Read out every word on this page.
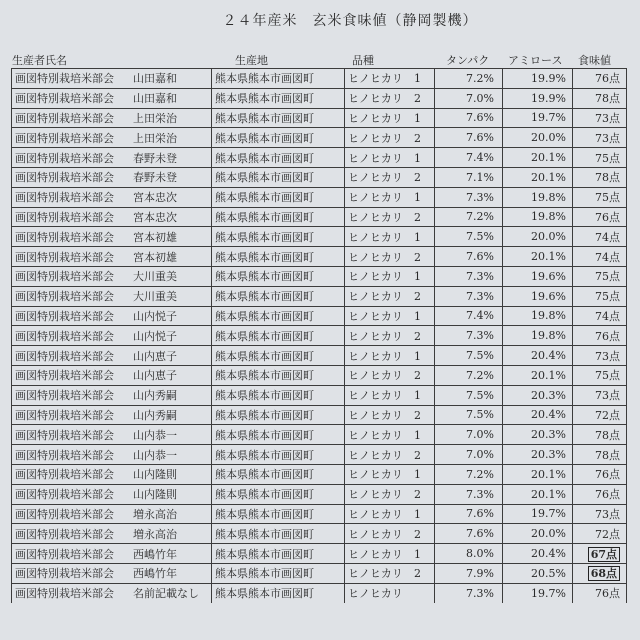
２４年産米　玄米食味値（静岡製機）
生産者氏名	生産地	品種	タンパク アミロース 食味値
画図特別栽培米部会 山田嘉和	熊本県熊本市画図町	ヒノヒカリ 1	7.2%	19.9%	76点
画図特別栽培米部会 山田嘉和	熊本県熊本市画図町	ヒノヒカリ 2	7.0%	19.9%	78点
画図特別栽培米部会 上田栄治	熊本県熊本市画図町	ヒノヒカリ 1	7.6%	19.7%	73点
画図特別栽培米部会 上田栄治	熊本県熊本市画図町	ヒノヒカリ 2	7.6%	20.0%	73点
画図特別栽培米部会 春野未登	熊本県熊本市画図町	ヒノヒカリ 1	7.4%	20.1%	75点
画図特別栽培米部会 春野未登	熊本県熊本市画図町	ヒノヒカリ 2	7.1%	20.1%	78点
画図特別栽培米部会 宮本忠次	熊本県熊本市画図町	ヒノヒカリ 1	7.3%	19.8%	75点
画図特別栽培米部会 宮本忠次	熊本県熊本市画図町	ヒノヒカリ 2	7.2%	19.8%	76点
画図特別栽培米部会 宮本初雄	熊本県熊本市画図町	ヒノヒカリ 1	7.5%	20.0%	74点
画図特別栽培米部会 宮本初雄	熊本県熊本市画図町	ヒノヒカリ 2	7.6%	20.1%	74点
画図特別栽培米部会 大川重美	熊本県熊本市画図町	ヒノヒカリ 1	7.3%	19.6%	75点
画図特別栽培米部会 大川重美	熊本県熊本市画図町	ヒノヒカリ 2	7.3%	19.6%	75点
画図特別栽培米部会 山内悦子	熊本県熊本市画図町	ヒノヒカリ 1	7.4%	19.8%	74点
画図特別栽培米部会 山内悦子	熊本県熊本市画図町	ヒノヒカリ 2	7.3%	19.8%	76点
画図特別栽培米部会 山内恵子	熊本県熊本市画図町	ヒノヒカリ 1	7.5%	20.4%	73点
画図特別栽培米部会 山内恵子	熊本県熊本市画図町	ヒノヒカリ 2	7.2%	20.1%	75点
画図特別栽培米部会 山内秀嗣	熊本県熊本市画図町	ヒノヒカリ 1	7.5%	20.3%	73点
画図特別栽培米部会 山内秀嗣	熊本県熊本市画図町	ヒノヒカリ 2	7.5%	20.4%	72点
画図特別栽培米部会 山内恭一	熊本県熊本市画図町	ヒノヒカリ 1	7.0%	20.3%	78点
画図特別栽培米部会 山内恭一	熊本県熊本市画図町	ヒノヒカリ 2	7.0%	20.3%	78点
画図特別栽培米部会 山内隆則	熊本県熊本市画図町	ヒノヒカリ 1	7.2%	20.1%	76点
画図特別栽培米部会 山内隆則	熊本県熊本市画図町	ヒノヒカリ 2	7.3%	20.1%	76点
画図特別栽培米部会 増永高治	熊本県熊本市画図町	ヒノヒカリ 1	7.6%	19.7%	73点
画図特別栽培米部会 増永高治	熊本県熊本市画図町	ヒノヒカリ 2	7.6%	20.0%	72点
画図特別栽培米部会 西嶋竹年	熊本県熊本市画図町	ヒノヒカリ 1	8.0%	20.4%	67点
画図特別栽培米部会 西嶋竹年	熊本県熊本市画図町	ヒノヒカリ 2	7.9%	20.5%	68点
画図特別栽培米部会 名前記載なし	熊本県熊本市画図町	ヒノヒカリ	7.3%	19.7%	76点
